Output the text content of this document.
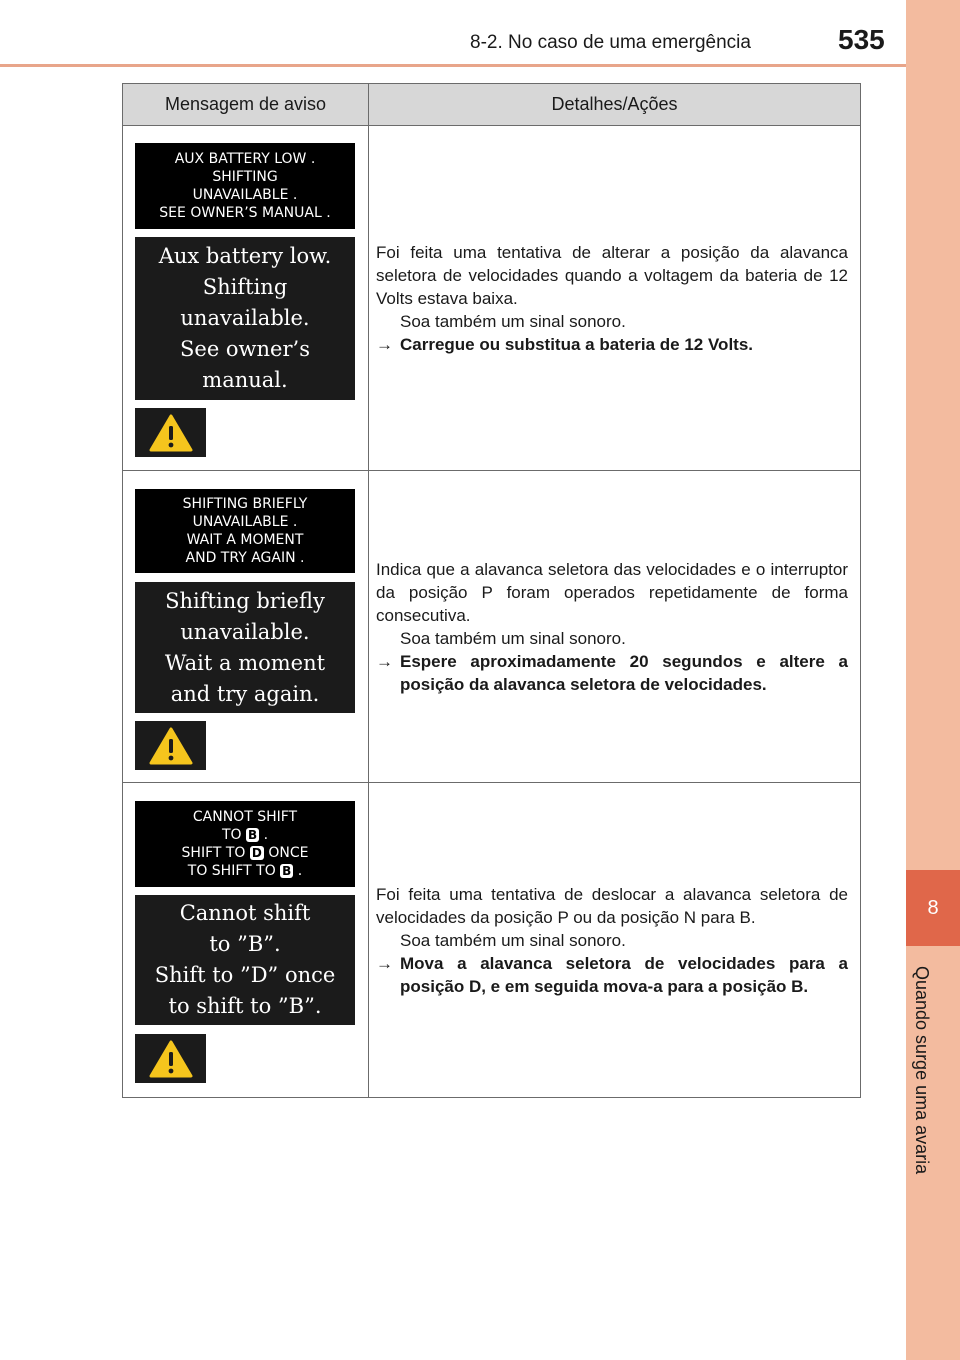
8-2. No caso de uma emergência	535
8
Quando surge uma avaria
Mensagem de aviso	Detalhes/Ações
AUX BATTERY LOW .
SHIFTING
UNAVAILABLE .
SEE OWNER’S MANUAL .
Aux battery low.
Shifting
unavailable.
See owner’s
manual.

Foi feita uma tentativa de alterar a posição da alavanca seletora de velocidades quando a voltagem da bateria de 12 Volts estava baixa.

Soa também um sinal sonoro.

→ Carregue ou substitua a bateria de 12 Volts.
SHIFTING BRIEFLY
UNAVAILABLE .
WAIT A MOMENT
AND TRY AGAIN .
Shifting briefly
unavailable.
Wait a moment
and try again.

Indica que a alavanca seletora das velocidades e o interruptor da posição P foram operados repetidamente de forma consecutiva.

Soa também um sinal sonoro.

→ Espere aproximadamente 20 segundos e altere a posição da alavanca seletora de velocidades.
CANNOT SHIFT
TO B .
SHIFT TO D ONCE
TO SHIFT TO B .
Cannot shift
to ”B”.
Shift to ”D” once
to shift to ”B”.

Foi feita uma tentativa de deslocar a alavanca seletora de velocidades da posição P ou da posição N para B.

Soa também um sinal sonoro.

→ Mova a alavanca seletora de velocidades para a posição D, e em seguida mova-a para a posição B.
